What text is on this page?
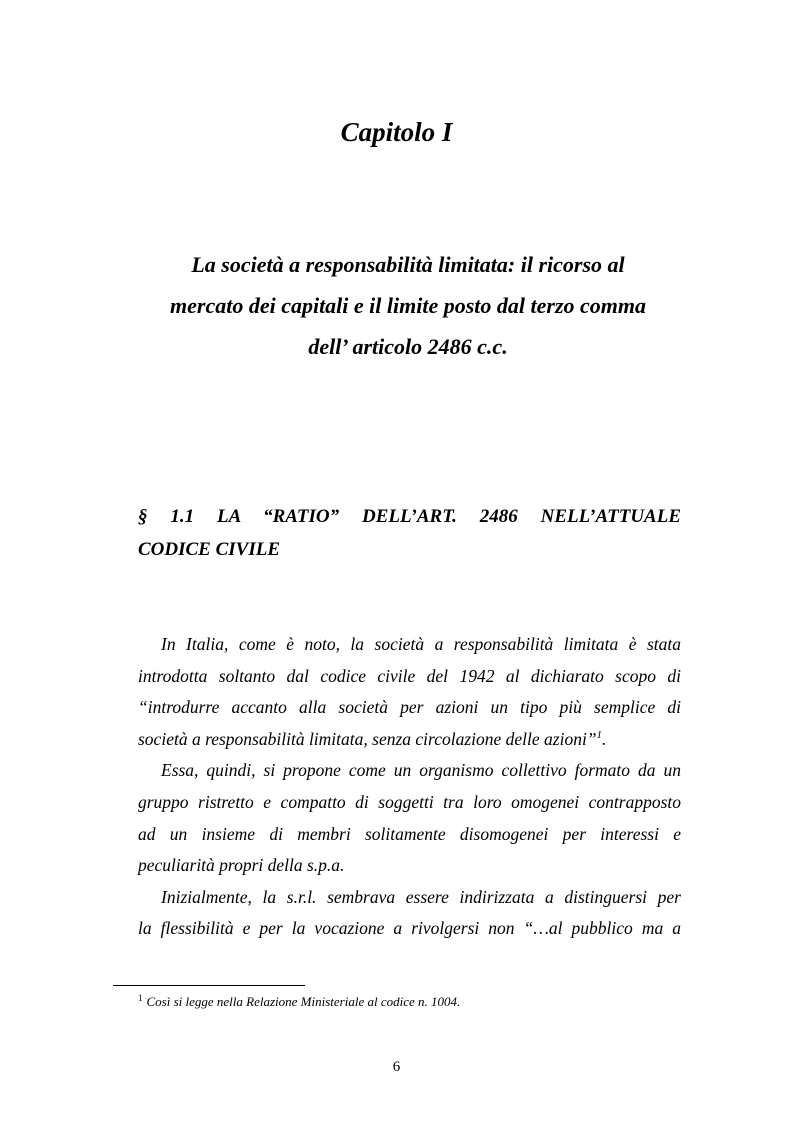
Capitolo I
La società a responsabilità limitata: il ricorso al
mercato dei capitali e il limite posto dal terzo comma
dell’ articolo 2486 c.c.
§ 1.1 LA “RATIO” DELL’ART. 2486 NELL’ATTUALE
CODICE CIVILE
In Italia, come è noto, la società a responsabilità limitata è stata
introdotta soltanto dal codice civile del 1942 al dichiarato scopo di
“introdurre accanto alla società per azioni un tipo più semplice di
società a responsabilità limitata, senza circolazione delle azioni”$^1$.
Essa, quindi, si propone come un organismo collettivo formato da un
gruppo ristretto e compatto di soggetti tra loro omogenei contrapposto
ad un insieme di membri solitamente disomogenei per interessi e
peculiarità propri della s.p.a.
Inizialmente, la s.r.l. sembrava essere indirizzata a distinguersi per
la flessibilità e per la vocazione a rivolgersi non “…al pubblico ma a
$^1$ Così si legge nella Relazione Ministeriale al codice n. 1004.
6
